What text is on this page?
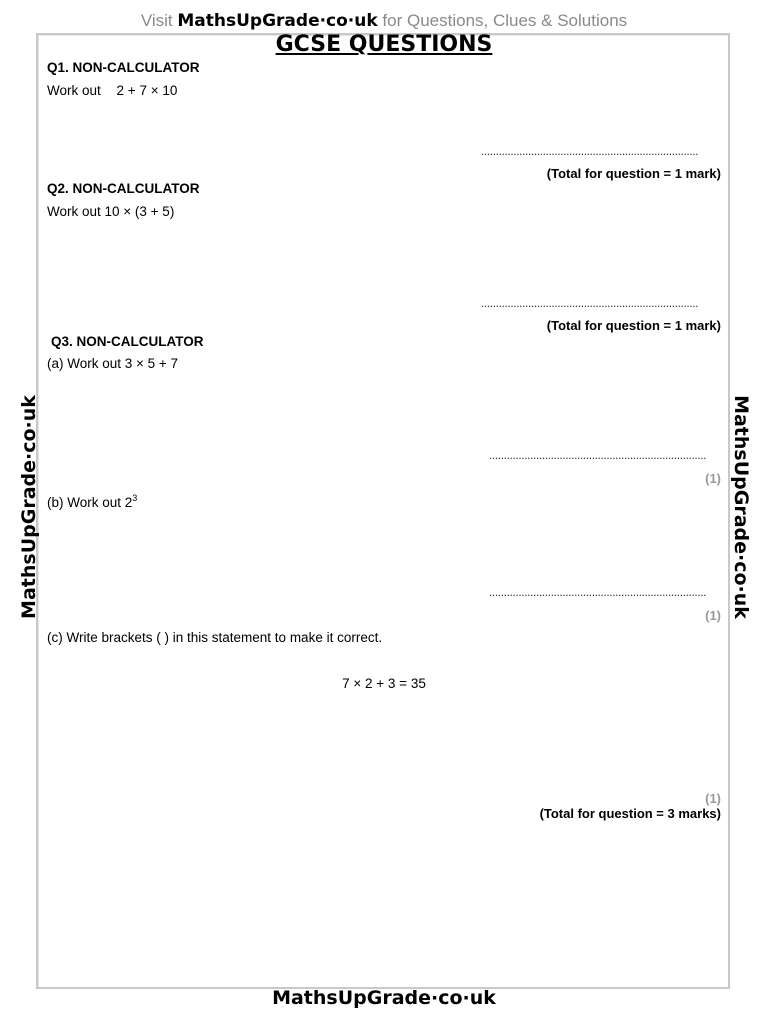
Visit MathsUpGrade·co·uk for Questions, Clues & Solutions
GCSE QUESTIONS
Q1. NON-CALCULATOR
Work out 2 + 7 × 10
..........................................................................
(Total for question = 1 mark)
Q2. NON-CALCULATOR
Work out 10 × (3 + 5)
..........................................................................
(Total for question = 1 mark)
Q3. NON-CALCULATOR
(a) Work out 3 × 5 + 7
..........................................................................
(1)
(b) Work out $2^3$
..........................................................................
(1)
(c) Write brackets ( ) in this statement to make it correct.
7 × 2 + 3 = 35
(1)
(Total for question = 3 marks)
MathsUpGrade·co·uk	MathsUpGrade·co·uk
MathsUpGrade·co·uk
